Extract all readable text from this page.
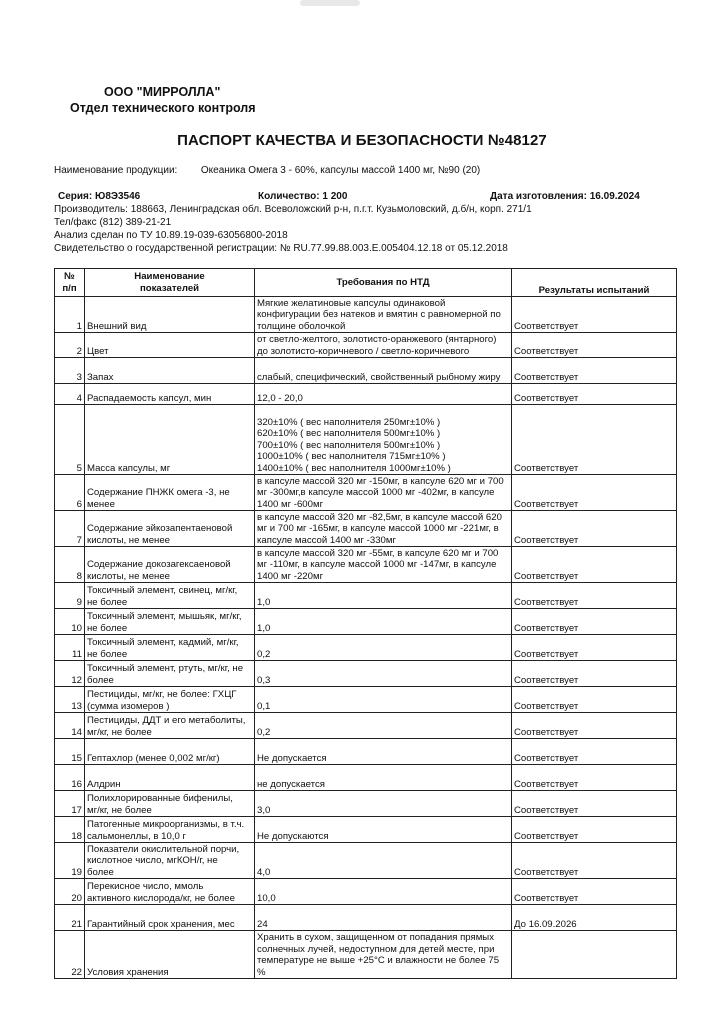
ООО "МИРРОЛЛА"
Отдел технического контроля
ПАСПОРТ КАЧЕСТВА И БЕЗОПАСНОСТИ №48127
Наименование продукции: Океаника Омега 3 - 60%, капсулы массой 1400 мг, №90 (20)
Серия: Ю8Э3546	Количество: 1 200	Дата изготовления: 16.09.2024
Производитель: 188663, Ленинградская обл. Всеволожский р-н, п.г.т. Кузьмоловский, д.б/н, корп. 271/1
Тел/факс (812) 389-21-21
Анализ сделан по ТУ 10.89.19-039-63056800-2018
Свидетельство о государственной регистрации: № RU.77.99.88.003.Е.005404.12.18 от 05.12.2018
№
п/п	Наименование
показателей	Требования по НТД	Результаты испытаний
1	Внешний вид	Мягкие желатиновые капсулы одинаковой
конфигурации без натеков и вмятин с равномерной по
толщине оболочкой	Соответствует
2	Цвет	от светло-желтого, золотисто-оранжевого (янтарного)
до золотисто-коричневого / светло-коричневого	Соответствует
3	Запах	слабый, специфический, свойственный рыбному жиру	Соответствует
4	Распадаемость капсул, мин	12,0 - 20,0	Соответствует
5	Масса капсулы, мг	320±10% ( вес наполнителя 250мг±10% )
620±10% ( вес наполнителя 500мг±10% )
700±10% ( вес наполнителя 500мг±10% )
1000±10% ( вес наполнителя 715мг±10% )
1400±10% ( вес наполнителя 1000мг±10% )	Соответствует
6	Содержание ПНЖК омега -3, не
менее	в капсуле массой 320 мг -150мг, в капсуле 620 мг и 700
мг -300мг,в капсуле массой 1000 мг -402мг, в капсуле
1400 мг -600мг	Соответствует
7	Содержание эйкозапентаеновой
кислоты, не менее	в капсуле массой 320 мг -82,5мг, в капсуле массой 620
мг и 700 мг -165мг, в капсуле массой 1000 мг -221мг, в
капсуле массой 1400 мг -330мг	Соответствует
8	Содержание докозагексаеновой
кислоты, не менее	в капсуле массой 320 мг -55мг, в капсуле 620 мг и 700
мг -110мг, в капсуле массой 1000 мг -147мг, в капсуле
1400 мг -220мг	Соответствует
9	Токсичный элемент, свинец, мг/кг,
не более	1,0	Соответствует
10	Токсичный элемент, мышьяк, мг/кг,
не более	1,0	Соответствует
11	Токсичный элемент, кадмий, мг/кг,
не более	0,2	Соответствует
12	Токсичный элемент, ртуть, мг/кг, не
более	0,3	Соответствует
13	Пестициды, мг/кг, не более: ГХЦГ
(сумма изомеров )	0,1	Соответствует
14	Пестициды, ДДТ и его метаболиты,
мг/кг, не более	0,2	Соответствует
15	Гептахлор (менее 0,002 мг/кг)	Не допускается	Соответствует
16	Алдрин	не допускается	Соответствует
17	Полихлорированные бифенилы,
мг/кг, не более	3,0	Соответствует
18	Патогенные микроорганизмы, в т.ч.
сальмонеллы, в 10,0 г	Не допускаются	Соответствует
19	Показатели окислительной порчи,
кислотное число, мгКОН/г, не
более	4,0	Соответствует
20	Перекисное число, ммоль
активного кислорода/кг, не более	10,0	Соответствует
21	Гарантийный срок хранения, мес	24	До 16.09.2026
22	Условия хранения	Хранить в сухом, защищенном от попадания прямых
солнечных лучей, недоступном для детей месте, при
температуре не выше +25°С и влажности не более 75
%	
